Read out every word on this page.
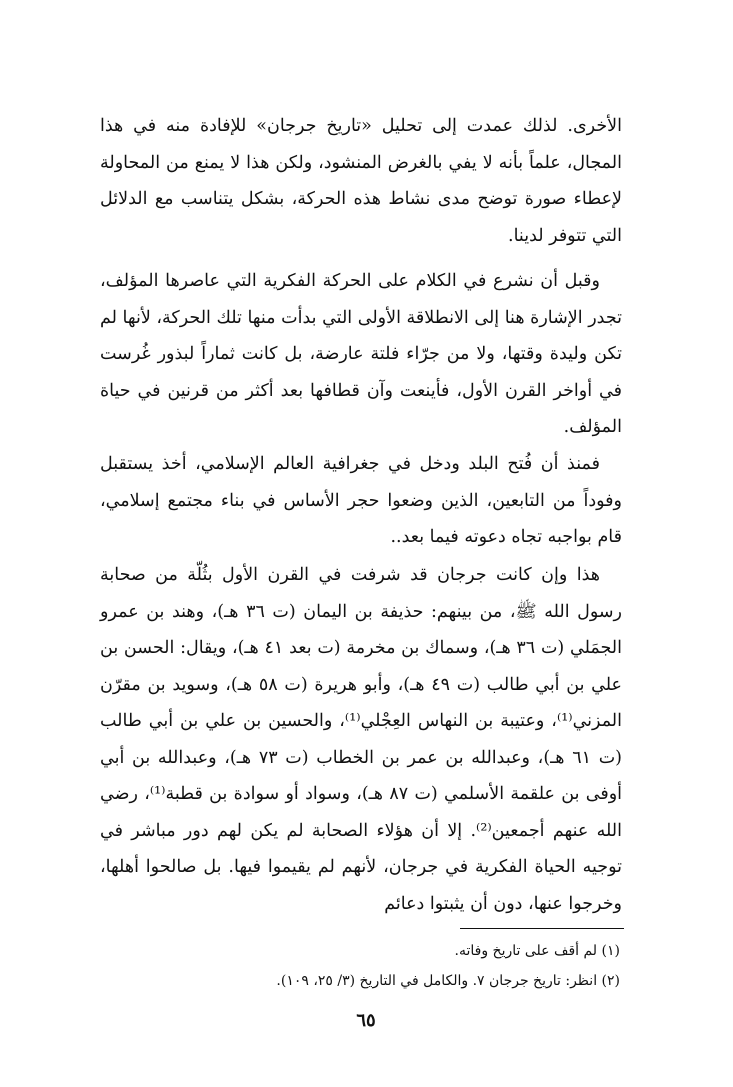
الأخرى. لذلك عمدت إلى تحليل «تاريخ جرجان» للإفادة منه في هذا المجال، علماً بأنه لا يفي بالغرض المنشود، ولكن هذا لا يمنع من المحاولة لإعطاء صورة توضح مدى نشاط هذه الحركة، بشكل يتناسب مع الدلائل التي تتوفر لدينا.

وقبل أن نشرع في الكلام على الحركة الفكرية التي عاصرها المؤلف، تجدر الإشارة هنا إلى الانطلاقة الأولى التي بدأت منها تلك الحركة، لأنها لم تكن وليدة وقتها، ولا من جرّاء فلتة عارضة، بل كانت ثماراً لبذور غُرست في أواخر القرن الأول، فأينعت وآن قطافها بعد أكثر من قرنين في حياة المؤلف.

فمنذ أن فُتح البلد ودخل في جغرافية العالم الإسلامي، أخذ يستقبل وفوداً من التابعين، الذين وضعوا حجر الأساس في بناء مجتمع إسلامي، قام بواجبه تجاه دعوته فيما بعد..

هذا وإن كانت جرجان قد شرفت في القرن الأول بثُلّة من صحابة رسول الله ﷺ، من بينهم: حذيفة بن اليمان (ت ٣٦ هـ)، وهند بن عمرو الجمَلي (ت ٣٦ هـ)، وسماك بن مخرمة (ت بعد ٤١ هـ)، ويقال: الحسن بن علي بن أبي طالب (ت ٤٩ هـ)، وأبو هريرة (ت ٥٨ هـ)، وسويد بن مقرّن المزني⁽¹⁾، وعتيبة بن النهاس العِجْلي⁽¹⁾، والحسين بن علي بن أبي طالب (ت ٦١ هـ)، وعبدالله بن عمر بن الخطاب (ت ٧٣ هـ)، وعبدالله بن أبي أوفى بن علقمة الأسلمي (ت ٨٧ هـ)، وسواد أو سوادة بن قطبة⁽¹⁾، رضي الله عنهم أجمعين⁽²⁾. إلا أن هؤلاء الصحابة لم يكن لهم دور مباشر في توجيه الحياة الفكرية في جرجان، لأنهم لم يقيموا فيها. بل صالحوا أهلها، وخرجوا عنها، دون أن يثبتوا دعائم

(١) لم أقف على تاريخ وفاته.
(٢) انظر: تاريخ جرجان ٧. والكامل في التاريخ (٣/ ٢٥، ١٠٩).
٦٥
